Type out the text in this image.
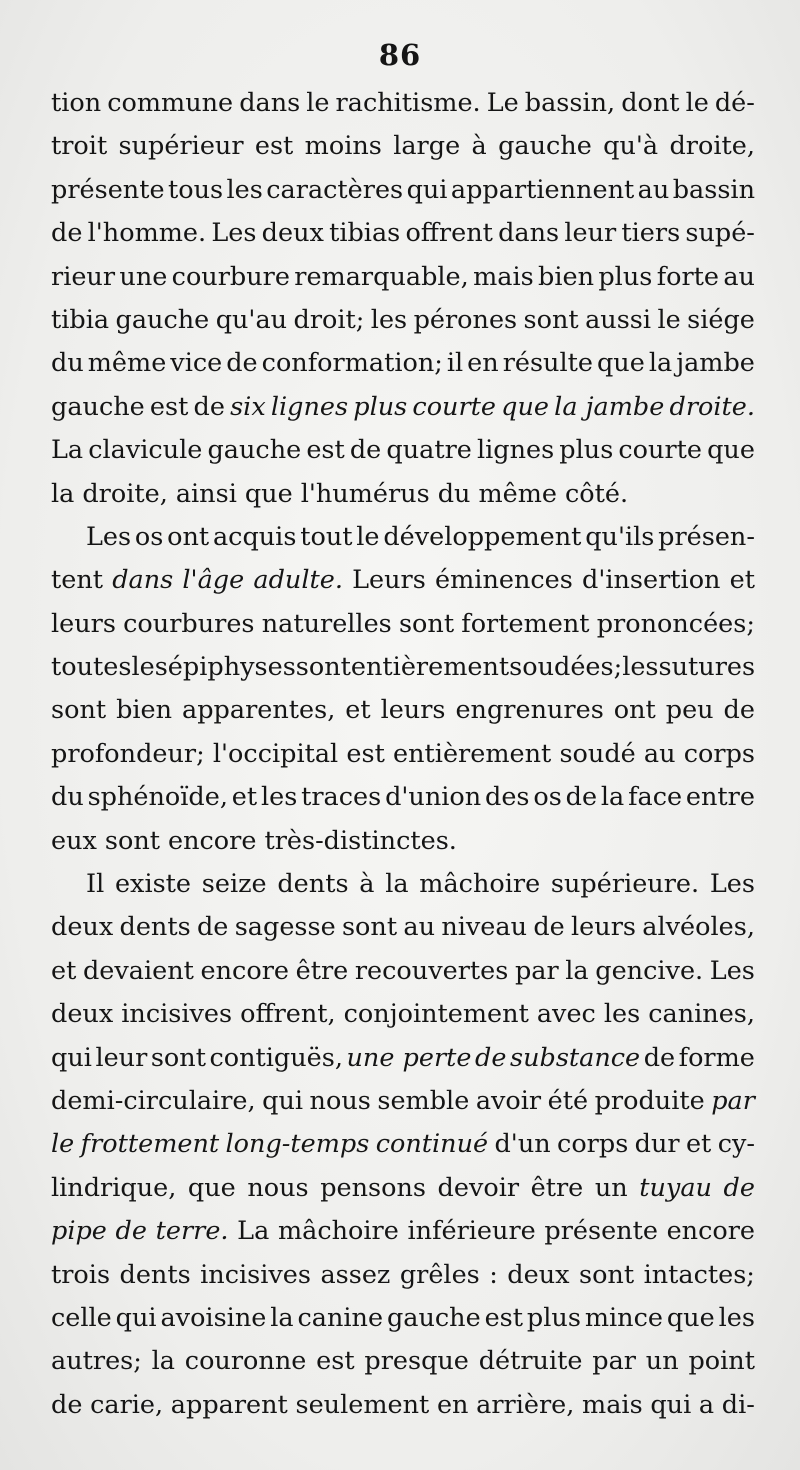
86
tion commune dans le rachitisme. Le bassin, dont le dé-
troit supérieur est moins large à gauche qu'à droite,
présente tous les caractères qui appartiennent au bassin
de l'homme. Les deux tibias offrent dans leur tiers supé-
rieur une courbure remarquable, mais bien plus forte au
tibia gauche qu'au droit; les pérones sont aussi le siége
du même vice de conformation; il en résulte que la jambe
gauche est de six lignes plus courte que la jambe droite.
La clavicule gauche est de quatre lignes plus courte que
la droite, ainsi que l'humérus du même côté.
Les os ont acquis tout le développement qu'ils présen-
tent dans l'âge adulte. Leurs éminences d'insertion et
leurs courbures naturelles sont fortement prononcées;
toutes les épiphyses sont entièrement soudées; les sutures
sont bien apparentes, et leurs engrenures ont peu de
profondeur; l'occipital est entièrement soudé au corps
du sphénoïde, et les traces d'union des os de la face entre
eux sont encore très-distinctes.
Il existe seize dents à la mâchoire supérieure. Les
deux dents de sagesse sont au niveau de leurs alvéoles,
et devaient encore être recouvertes par la gencive. Les
deux incisives offrent, conjointement avec les canines,
qui leur sont contiguës, une perte de substance de forme
demi-circulaire, qui nous semble avoir été produite par
le frottement long-temps continué d'un corps dur et cy-
lindrique, que nous pensons devoir être un tuyau de
pipe de terre. La mâchoire inférieure présente encore
trois dents incisives assez grêles : deux sont intactes;
celle qui avoisine la canine gauche est plus mince que les
autres; la couronne est presque détruite par un point
de carie, apparent seulement en arrière, mais qui a di-
